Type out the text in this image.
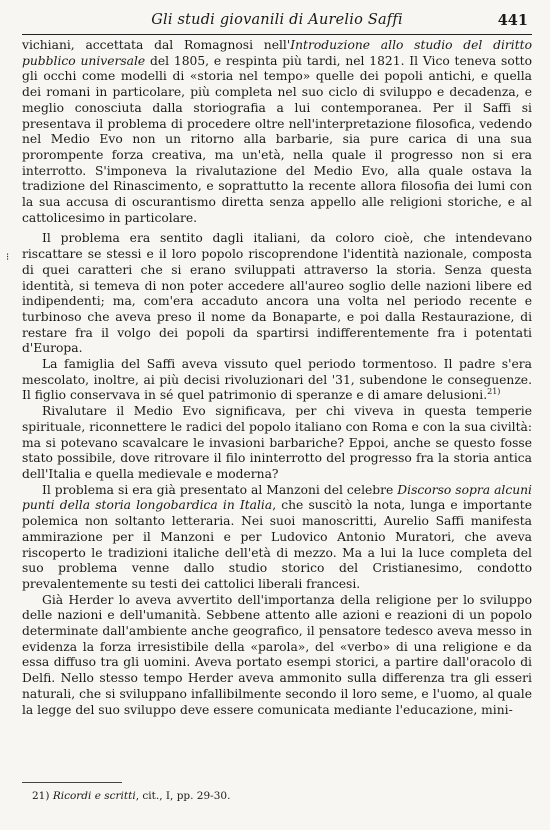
Gli studi giovanili di Aurelio Saffi	441
⁝

vichiani, accettata dal Romagnosi nell'Introduzione allo studio del diritto pubblico universale del 1805, e respinta più tardi, nel 1821. Il Vico teneva sotto gli occhi come modelli di «storia nel tempo» quelle dei popoli antichi, e quella dei romani in particolare, più completa nel suo ciclo di sviluppo e decadenza, e meglio conosciuta dalla storiografia a lui contemporanea. Per il Saffi si presentava il problema di procedere oltre nell'interpretazione filosofica, vedendo nel Medio Evo non un ritorno alla barbarie, sia pure carica di una sua prorompente forza creativa, ma un'età, nella quale il progresso non si era interrotto. S'imponeva la rivalutazione del Medio Evo, alla quale ostava la tradizione del Rinascimento, e soprattutto la recente allora filosofia dei lumi con la sua accusa di oscurantismo diretta senza appello alle religioni storiche, e al cattolicesimo in particolare.

Il problema era sentito dagli italiani, da coloro cioè, che intendevano riscattare se stessi e il loro popolo riscoprendone l'identità nazionale, composta di quei caratteri che si erano sviluppati attraverso la storia. Senza questa identità, si temeva di non poter accedere all'aureo soglio delle nazioni libere ed indipendenti; ma, com'era accaduto ancora una volta nel periodo recente e turbinoso che aveva preso il nome da Bonaparte, e poi dalla Restaurazione, di restare fra il volgo dei popoli da spartirsi indifferentemente fra i potentati d'Europa.

La famiglia del Saffi aveva vissuto quel periodo tormentoso. Il padre s'era mescolato, inoltre, ai più decisi rivoluzionari del '31, subendone le conseguenze. Il figlio conservava in sé quel patrimonio di speranze e di amare delusioni.$^{21)}$

Rivalutare il Medio Evo significava, per chi viveva in questa temperie spirituale, riconnettere le radici del popolo italiano con Roma e con la sua civiltà: ma si potevano scavalcare le invasioni barbariche? Eppoi, anche se questo fosse stato possibile, dove ritrovare il filo ininterrotto del progresso fra la storia antica dell'Italia e quella medievale e moderna?

Il problema si era già presentato al Manzoni del celebre Discorso sopra alcuni punti della storia longobardica in Italia, che suscitò la nota, lunga e importante polemica non soltanto letteraria. Nei suoi manoscritti, Aurelio Saffi manifesta ammirazione per il Manzoni e per Ludovico Antonio Muratori, che aveva riscoperto le tradizioni italiche dell'età di mezzo. Ma a lui la luce completa del suo problema venne dallo studio storico del Cristianesimo, condotto prevalentemente su testi dei cattolici liberali francesi.

Già Herder lo aveva avvertito dell'importanza della religione per lo sviluppo delle nazioni e dell'umanità. Sebbene attento alle azioni e reazioni di un popolo determinate dall'ambiente anche geografico, il pensatore tedesco aveva messo in evidenza la forza irresistibile della «parola», del «verbo» di una religione e da essa diffuso tra gli uomini. Aveva portato esempi storici, a partire dall'oracolo di Delfi. Nello stesso tempo Herder aveva ammonito sulla differenza tra gli esseri naturali, che si sviluppano infallibilmente secondo il loro seme, e l'uomo, al quale la legge del suo sviluppo deve essere comunicata mediante l'educazione, mini-

21) Ricordi e scritti, cit., I, pp. 29-30.
